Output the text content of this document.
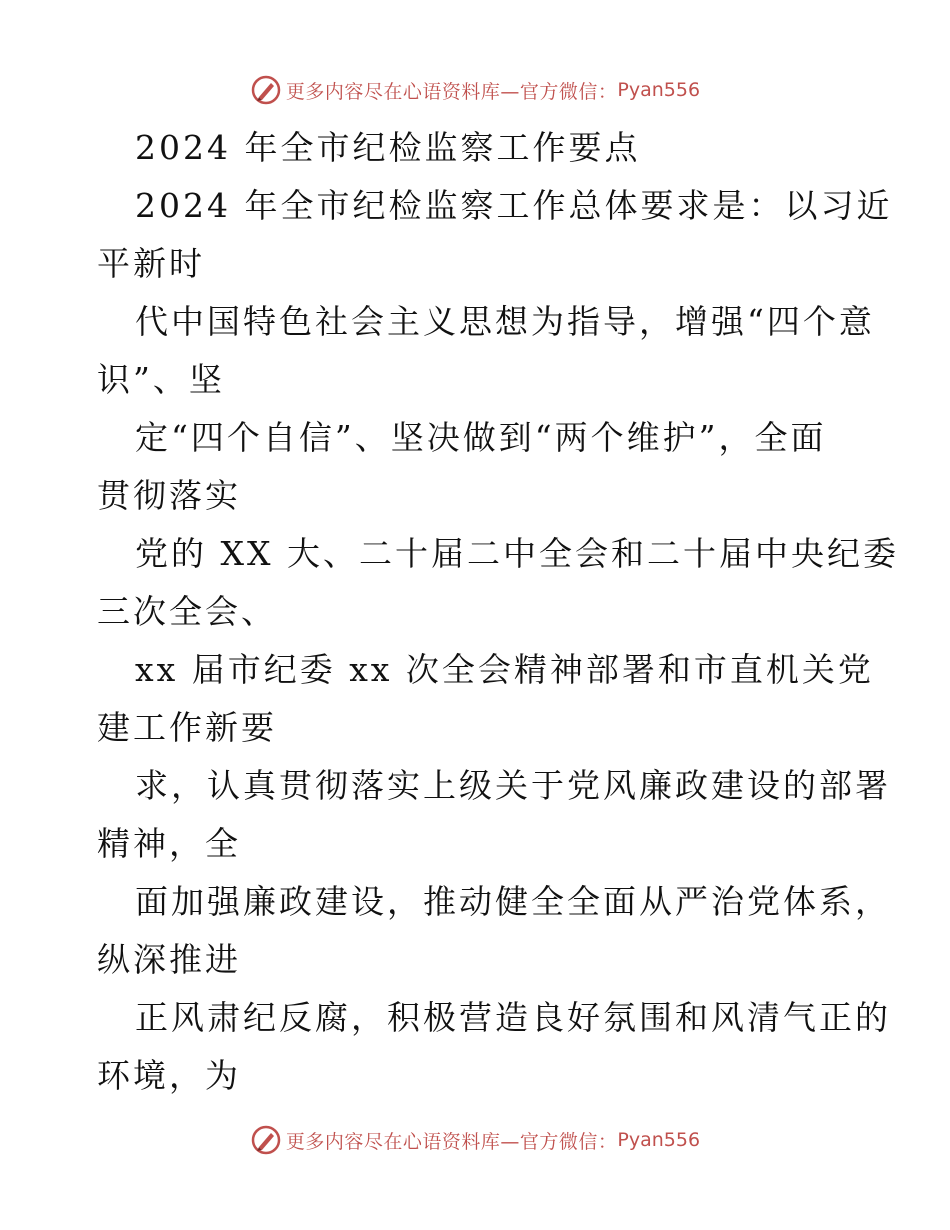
更多内容尽在心语资料库—官方微信： Pyan556
2024 年全市纪检监察工作要点
2024 年全市纪检监察工作总体要求是：以习近
平新时
代中国特色社会主义思想为指导，增强“四个意
识”、坚
定“四个自信”、坚决做到“两个维护”，全面
贯彻落实
党的 XX 大、二十届二中全会和二十届中央纪委
三次全会、
xx 届市纪委 xx 次全会精神部署和市直机关党
建工作新要
求，认真贯彻落实上级关于党风廉政建设的部署
精神，全
面加强廉政建设，推动健全全面从严治党体系，
纵深推进
正风肃纪反腐，积极营造良好氛围和风清气正的
环境，为
更多内容尽在心语资料库—官方微信： Pyan556
